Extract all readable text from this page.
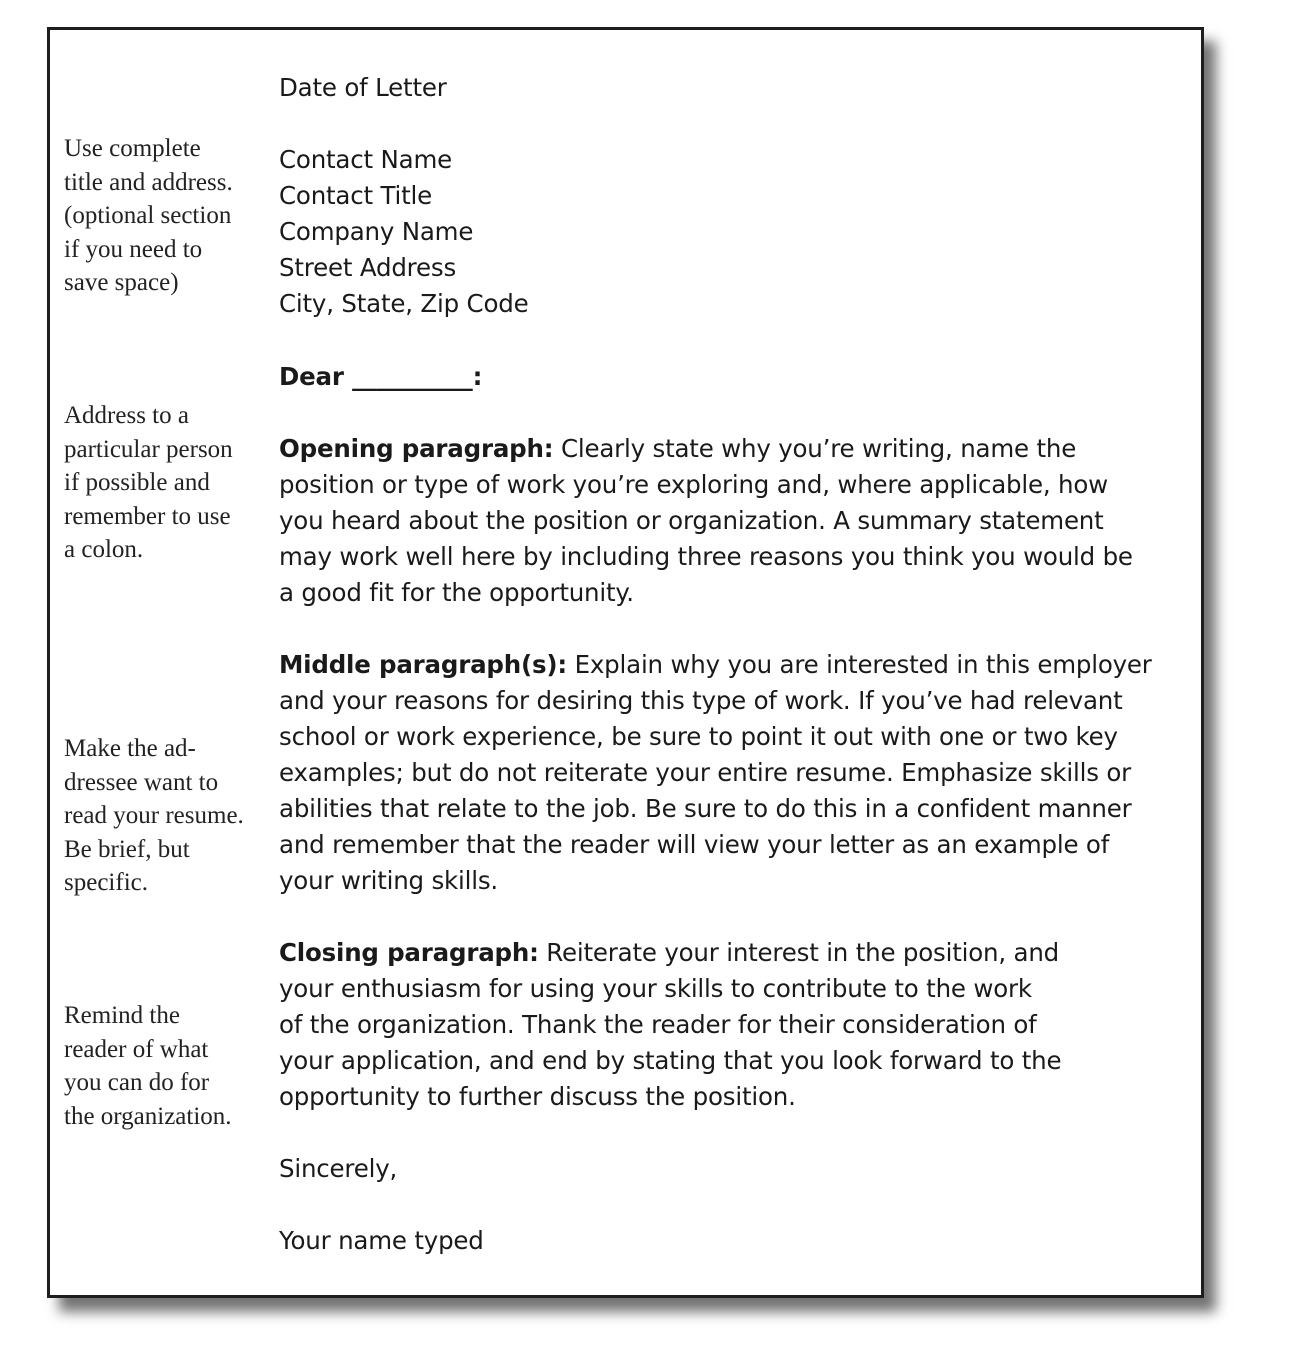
Use complete
title and address.
(optional section
if you need to
save space)
Address to a
particular person
if possible and
remember to use
a colon.
Make the ad-
dressee want to
read your resume.
Be brief, but
specific.
Remind the
reader of what
you can do for
the organization.
Date of Letter
Contact Name
Contact Title
Company Name
Street Address
City, State, Zip Code
Dear __________:
Opening paragraph: Clearly state why you’re writing, name the
position or type of work you’re exploring and, where applicable, how
you heard about the position or organization. A summary statement
may work well here by including three reasons you think you would be
a good fit for the opportunity.
Middle paragraph(s): Explain why you are interested in this employer
and your reasons for desiring this type of work. If you’ve had relevant
school or work experience, be sure to point it out with one or two key
examples; but do not reiterate your entire resume. Emphasize skills or
abilities that relate to the job. Be sure to do this in a confident manner
and remember that the reader will view your letter as an example of
your writing skills.
Closing paragraph: Reiterate your interest in the position, and
your enthusiasm for using your skills to contribute to the work
of the organization. Thank the reader for their consideration of
your application, and end by stating that you look forward to the
opportunity to further discuss the position.
Sincerely,
Your name typed
